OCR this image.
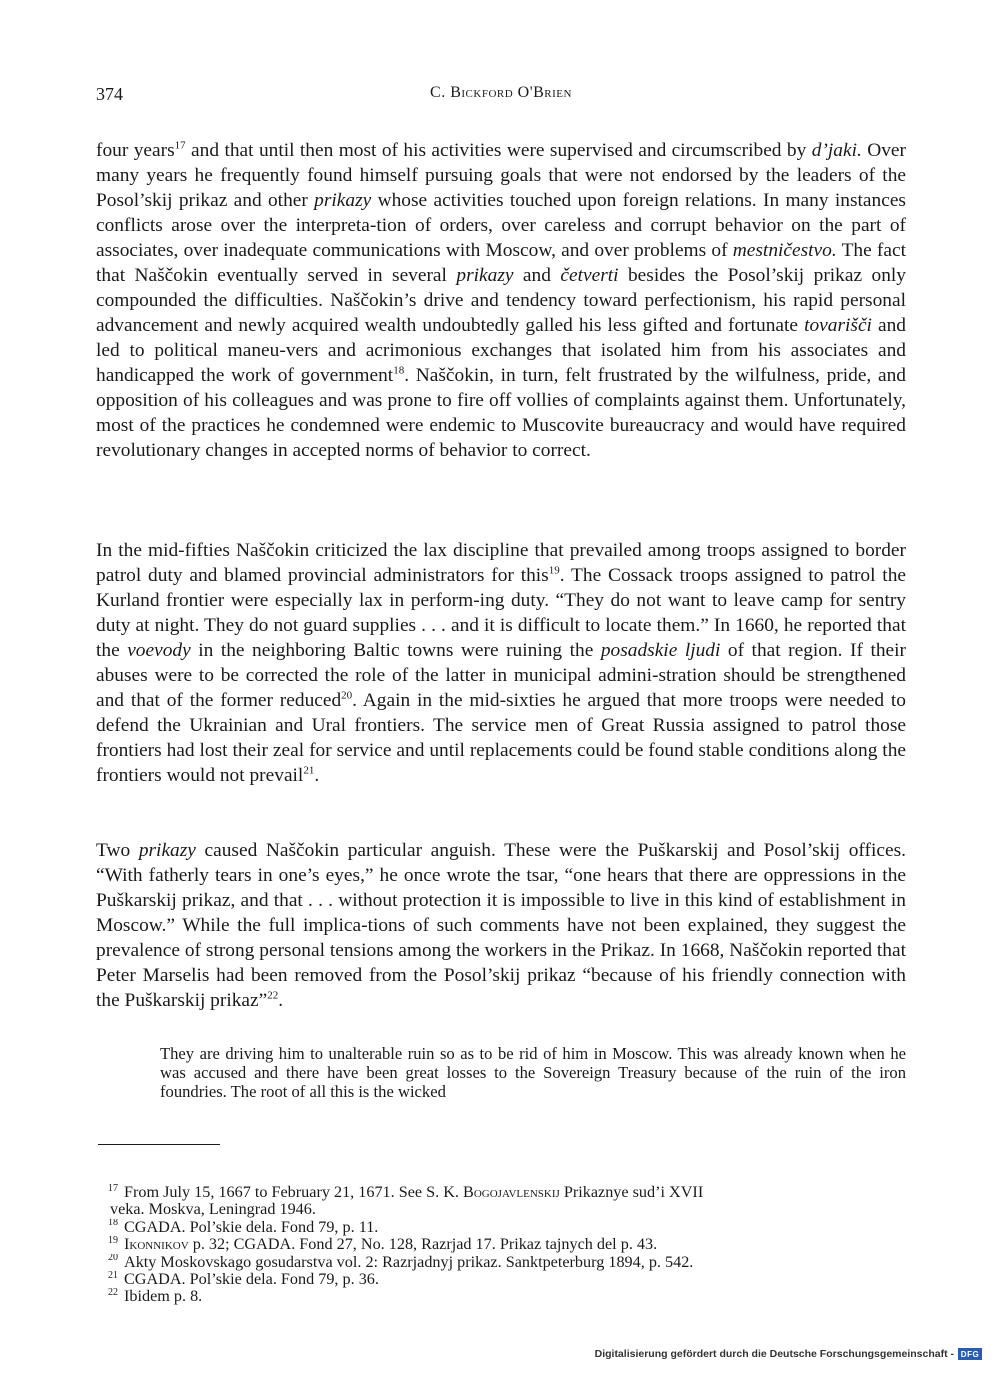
374	C. Bickford O'Brien

four years$^{17}$ and that until then most of his activities were supervised and circumscribed by d’jaki. Over many years he frequently found himself pursuing goals that were not endorsed by the leaders of the Posol’skij prikaz and other prikazy whose activities touched upon foreign relations. In many instances conflicts arose over the interpreta-tion of orders, over careless and corrupt behavior on the part of associates, over inadequate communications with Moscow, and over problems of mestničestvo. The fact that Naščokin eventually served in several prikazy and četverti besides the Posol’skij prikaz only compounded the difficulties. Naščokin’s drive and tendency toward perfectionism, his rapid personal advancement and newly acquired wealth undoubtedly galled his less gifted and fortunate tovarišči and led to political maneu-vers and acrimonious exchanges that isolated him from his associates and handicapped the work of government$^{18}$. Naščokin, in turn, felt frustrated by the wilfulness, pride, and opposition of his colleagues and was prone to fire off vollies of complaints against them. Unfortunately, most of the practices he condemned were endemic to Muscovite bureaucracy and would have required revolutionary changes in accepted norms of behavior to correct.

In the mid-fifties Naščokin criticized the lax discipline that prevailed among troops assigned to border patrol duty and blamed provincial administrators for this$^{19}$. The Cossack troops assigned to patrol the Kurland frontier were especially lax in perform-ing duty. “They do not want to leave camp for sentry duty at night. They do not guard supplies . . . and it is difficult to locate them.” In 1660, he reported that the voevody in the neighboring Baltic towns were ruining the posadskie ljudi of that region. If their abuses were to be corrected the role of the latter in municipal admini-stration should be strengthened and that of the former reduced$^{20}$. Again in the mid-sixties he argued that more troops were needed to defend the Ukrainian and Ural frontiers. The service men of Great Russia assigned to patrol those frontiers had lost their zeal for service and until replacements could be found stable conditions along the frontiers would not prevail$^{21}$.

Two prikazy caused Naščokin particular anguish. These were the Puškarskij and Posol’skij offices. “With fatherly tears in one’s eyes,” he once wrote the tsar, “one hears that there are oppressions in the Puškarskij prikaz, and that . . . without protection it is impossible to live in this kind of establishment in Moscow.” While the full implica-tions of such comments have not been explained, they suggest the prevalence of strong personal tensions among the workers in the Prikaz. In 1668, Naščokin reported that Peter Marselis had been removed from the Posol’skij prikaz “because of his friendly connection with the Puškarskij prikaz”$^{22}$.

They are driving him to unalterable ruin so as to be rid of him in Moscow. This was already known when he was accused and there have been great losses to the Sovereign Treasury because of the ruin of the iron foundries. The root of all this is the wicked
$^{17}$ From July 15, 1667 to February 21, 1671. See S. K. Bogojavlenskij Prikaznye sud’i XVII
veka. Moskva, Leningrad 1946.
$^{18}$ CGADA. Pol’skie dela. Fond 79, p. 11.
$^{19}$ Ikonnikov p. 32; CGADA. Fond 27, No. 128, Razrjad 17. Prikaz tajnych del p. 43.
$^{20}$ Akty Moskovskago gosudarstva vol. 2: Razrjadnyj prikaz. Sanktpeterburg 1894, p. 542.
$^{21}$ CGADA. Pol’skie dela. Fond 79, p. 36.
$^{22}$ Ibidem p. 8.
Digitalisierung gefördert durch die Deutsche Forschungsgemeinschaft - DFG
